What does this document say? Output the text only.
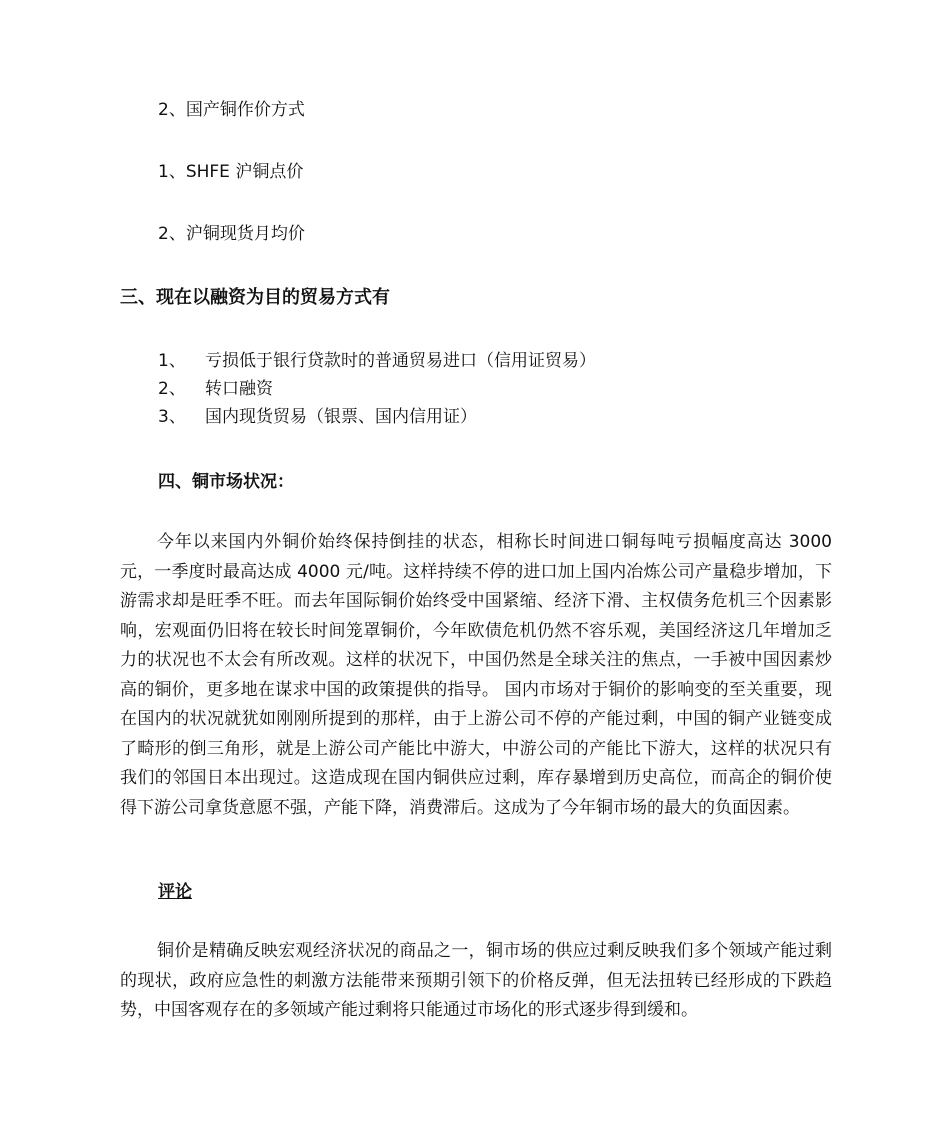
2、国产铜作价方式
1、SHFE 沪铜点价
2、沪铜现货月均价
三、现在以融资为目的贸易方式有
1、 亏损低于银行贷款时的普通贸易进口（信用证贸易）
2、 转口融资
3、 国内现货贸易（银票、国内信用证）
四、铜市场状况：
今年以来国内外铜价始终保持倒挂的状态，相称长时间进口铜每吨亏损幅度高达 3000 元，一季度时最高达成 4000 元/吨。这样持续不停的进口加上国内冶炼公司产量稳步增加，下游需求却是旺季不旺。而去年国际铜价始终受中国紧缩、经济下滑、主权债务危机三个因素影响，宏观面仍旧将在较长时间笼罩铜价，今年欧债危机仍然不容乐观，美国经济这几年增加乏力的状况也不太会有所改观。这样的状况下，中国仍然是全球关注的焦点，一手被中国因素炒高的铜价，更多地在谋求中国的政策提供的指导。 国内市场对于铜价的影响变的至关重要，现在国内的状况就犹如刚刚所提到的那样，由于上游公司不停的产能过剩，中国的铜产业链变成了畸形的倒三角形，就是上游公司产能比中游大，中游公司的产能比下游大，这样的状况只有我们的邻国日本出现过。这造成现在国内铜供应过剩，库存暴增到历史高位，而高企的铜价使得下游公司拿货意愿不强，产能下降，消费滞后。这成为了今年铜市场的最大的负面因素。
评论
铜价是精确反映宏观经济状况的商品之一，铜市场的供应过剩反映我们多个领域产能过剩的现状，政府应急性的刺激方法能带来预期引领下的价格反弹，但无法扭转已经形成的下跌趋势，中国客观存在的多领域产能过剩将只能通过市场化的形式逐步得到缓和。
